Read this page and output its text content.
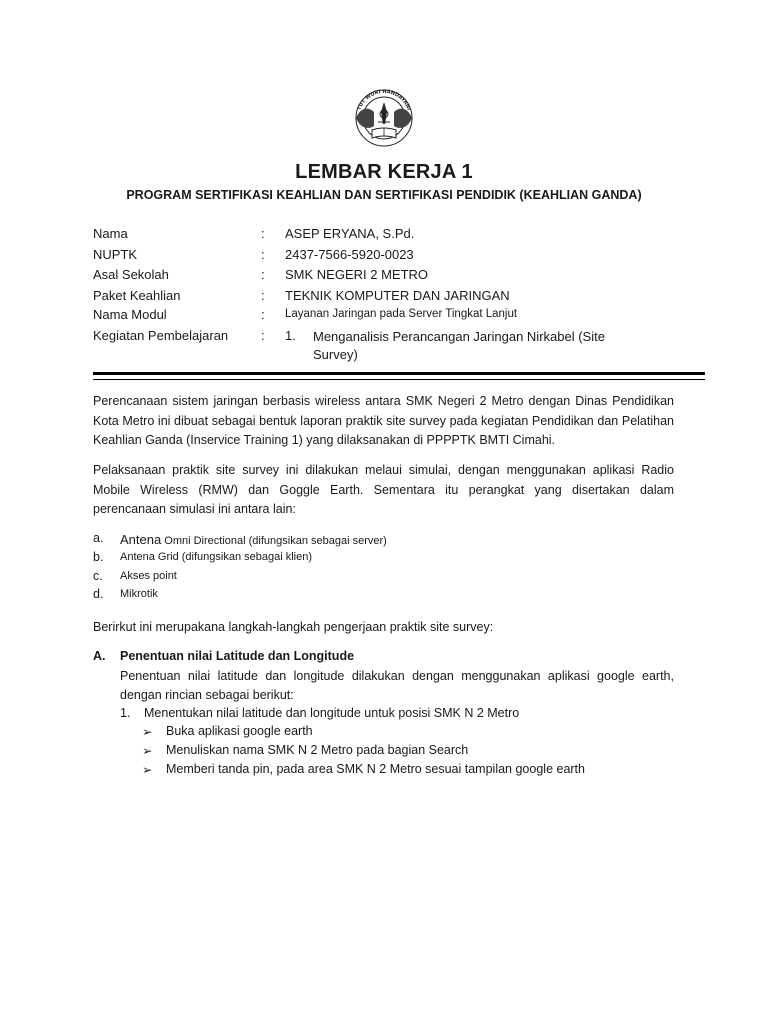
TUT WURI HANDAYANI
LEMBAR KERJA 1
PROGRAM SERTIFIKASI KEAHLIAN DAN SERTIFIKASI PENDIDIK (KEAHLIAN GANDA)
Nama	: ASEP ERYANA, S.Pd.
NUPTK	: 2437-7566-5920-0023
Asal Sekolah	: SMK NEGERI 2 METRO
Paket Keahlian	: TEKNIK KOMPUTER DAN JARINGAN
Nama Modul	: Layanan Jaringan pada Server Tingkat Lanjut
Kegiatan Pembelajaran	: 1. Menganalisis Perancangan Jaringan Nirkabel (Site Survey)

Perencanaan sistem jaringan berbasis wireless antara SMK Negeri 2 Metro dengan Dinas Pendidikan Kota Metro ini dibuat sebagai bentuk laporan praktik site survey pada kegiatan Pendidikan dan Pelatihan Keahlian Ganda (Inservice Training 1) yang dilaksanakan di PPPPTK BMTI Cimahi.

Pelaksanaan praktik site survey ini dilakukan melaui simulai, dengan menggunakan aplikasi Radio Mobile Wireless (RMW) dan Goggle Earth. Sementara itu perangkat yang disertakan dalam perencanaan simulasi ini antara lain:

a. Antena Omni Directional (difungsikan sebagai server)
b. Antena Grid (difungsikan sebagai klien)
c. Akses point
d. Mikrotik

Berirkut ini merupakana langkah-langkah pengerjaan praktik site survey:

A. Penentuan nilai Latitude dan Longitude

Penentuan nilai latitude dan longitude dilakukan dengan menggunakan aplikasi google earth, dengan rincian sebagai berikut:

1. Menentukan nilai latitude dan longitude untuk posisi SMK N 2 Metro
➢ Buka aplikasi google earth
➢ Menuliskan nama SMK N 2 Metro pada bagian Search
➢ Memberi tanda pin, pada area SMK N 2 Metro sesuai tampilan google earth
